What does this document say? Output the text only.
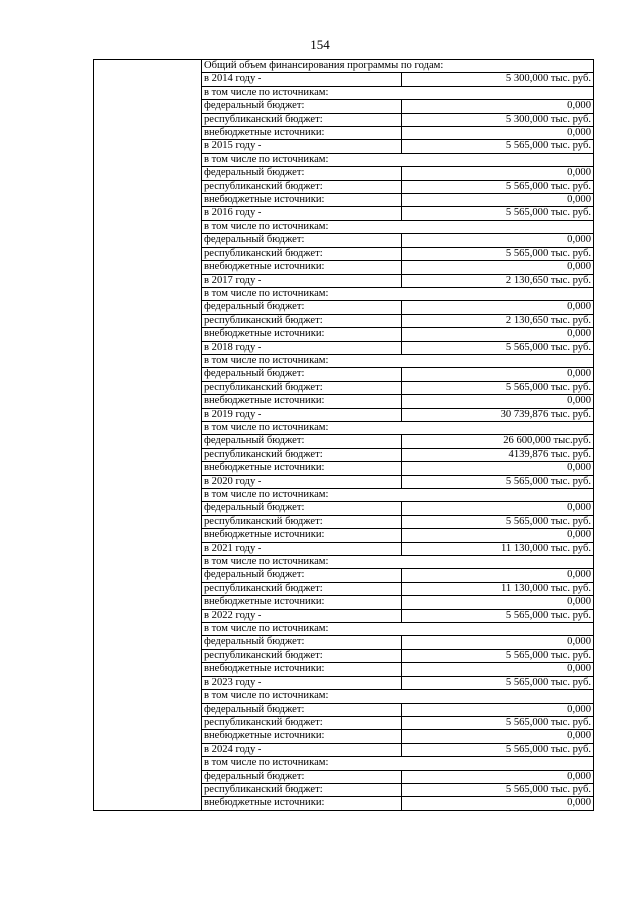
154
	Общий объем финансирования программы по годам:	
	в 2014 году -	5 300,000 тыс. руб.
	в том числе по источникам:	
	федеральный бюджет:	0,000
	республиканский бюджет:	5 300,000 тыс. руб.
	внебюджетные источники:	0,000
	в 2015 году -	5 565,000 тыс. руб.
	в том числе по источникам:	
	федеральный бюджет:	0,000
	республиканский бюджет:	5 565,000 тыс. руб.
	внебюджетные источники:	0,000
	в 2016 году -	5 565,000 тыс. руб.
	в том числе по источникам:	
	федеральный бюджет:	0,000
	республиканский бюджет:	5 565,000 тыс. руб.
	внебюджетные источники:	0,000
	в 2017 году -	2 130,650 тыс. руб.
	в том числе по источникам:	
	федеральный бюджет:	0,000
	республиканский бюджет:	2 130,650 тыс. руб.
	внебюджетные источники:	0,000
	в 2018 году -	5 565,000 тыс. руб.
	в том числе по источникам:	
	федеральный бюджет:	0,000
	республиканский бюджет:	5 565,000 тыс. руб.
	внебюджетные источники:	0,000
	в 2019 году -	30 739,876 тыс. руб.
	в том числе по источникам:	
	федеральный бюджет:	26 600,000 тыс.руб.
	республиканский бюджет:	4139,876 тыс. руб.
	внебюджетные источники:	0,000
	в 2020 году -	5 565,000 тыс. руб.
	в том числе по источникам:	
	федеральный бюджет:	0,000
	республиканский бюджет:	5 565,000 тыс. руб.
	внебюджетные источники:	0,000
	в 2021 году -	11 130,000 тыс. руб.
	в том числе по источникам:	
	федеральный бюджет:	0,000
	республиканский бюджет:	11 130,000 тыс. руб.
	внебюджетные источники:	0,000
	в 2022 году -	5 565,000 тыс. руб.
	в том числе по источникам:	
	федеральный бюджет:	0,000
	республиканский бюджет:	5 565,000 тыс. руб.
	внебюджетные источники:	0,000
	в 2023 году -	5 565,000 тыс. руб.
	в том числе по источникам:	
	федеральный бюджет:	0,000
	республиканский бюджет:	5 565,000 тыс. руб.
	внебюджетные источники:	0,000
	в 2024 году -	5 565,000 тыс. руб.
	в том числе по источникам:	
	федеральный бюджет:	0,000
	республиканский бюджет:	5 565,000 тыс. руб.
	внебюджетные источники:	0,000
